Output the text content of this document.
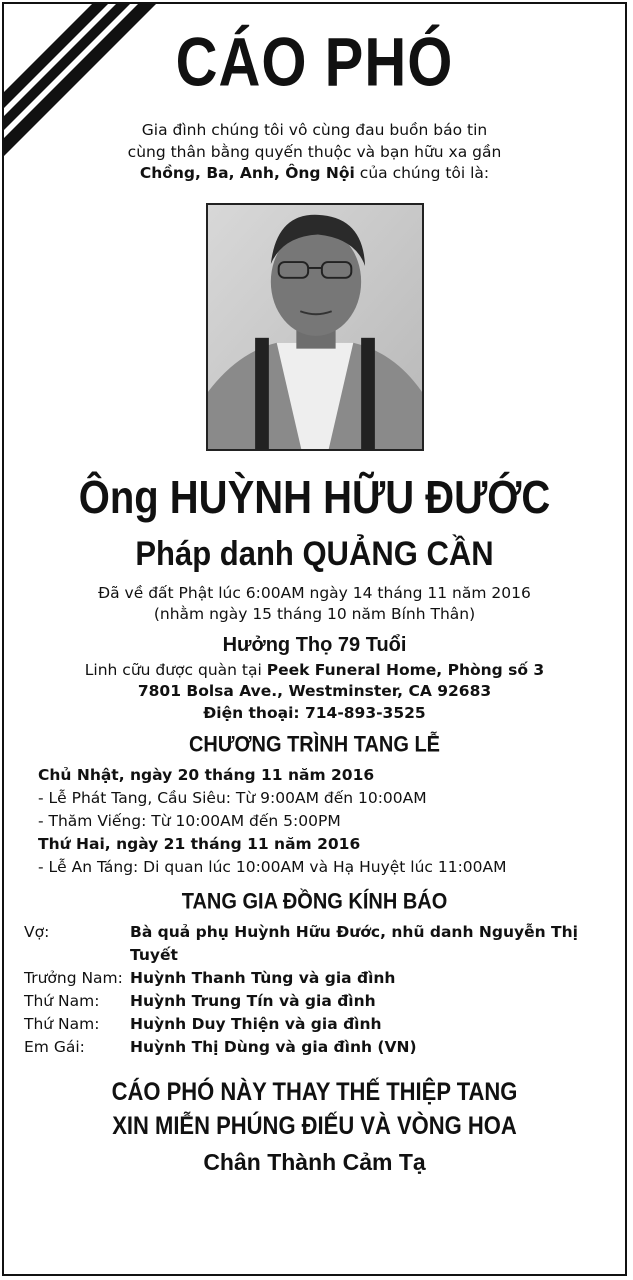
CÁO PHÓ
Gia đình chúng tôi vô cùng đau buồn báo tin
cùng thân bằng quyến thuộc và bạn hữu xa gần
Chồng, Ba, Anh, Ông Nội của chúng tôi là:
Ông HUỲNH HỮU ĐƯỚC
Pháp danh QUẢNG CẦN
Đã về đất Phật lúc 6:00AM ngày 14 tháng 11 năm 2016
(nhằm ngày 15 tháng 10 năm Bính Thân)
Hưởng Thọ 79 Tuổi
Linh cữu được quàn tại Peek Funeral Home, Phòng số 3
7801 Bolsa Ave., Westminster, CA 92683
Điện thoại: 714-893-3525
CHƯƠNG TRÌNH TANG LỄ
Chủ Nhật, ngày 20 tháng 11 năm 2016
- Lễ Phát Tang, Cầu Siêu: Từ 9:00AM đến 10:00AM
- Thăm Viếng: Từ 10:00AM đến 5:00PM
Thứ Hai, ngày 21 tháng 11 năm 2016
- Lễ An Táng: Di quan lúc 10:00AM và Hạ Huyệt lúc 11:00AM
TANG GIA ĐỒNG KÍNH BÁO
Vợ:	Bà quả phụ Huỳnh Hữu Đước, nhũ danh Nguyễn Thị Tuyết
Trưởng Nam: Huỳnh Thanh Tùng và gia đình
Thứ Nam:	Huỳnh Trung Tín và gia đình
Thứ Nam:	Huỳnh Duy Thiện và gia đình
Em Gái:	Huỳnh Thị Dùng và gia đình (VN)
CÁO PHÓ NÀY THAY THẾ THIỆP TANG
XIN MIỄN PHÚNG ĐIẾU VÀ VÒNG HOA
Chân Thành Cảm Tạ
